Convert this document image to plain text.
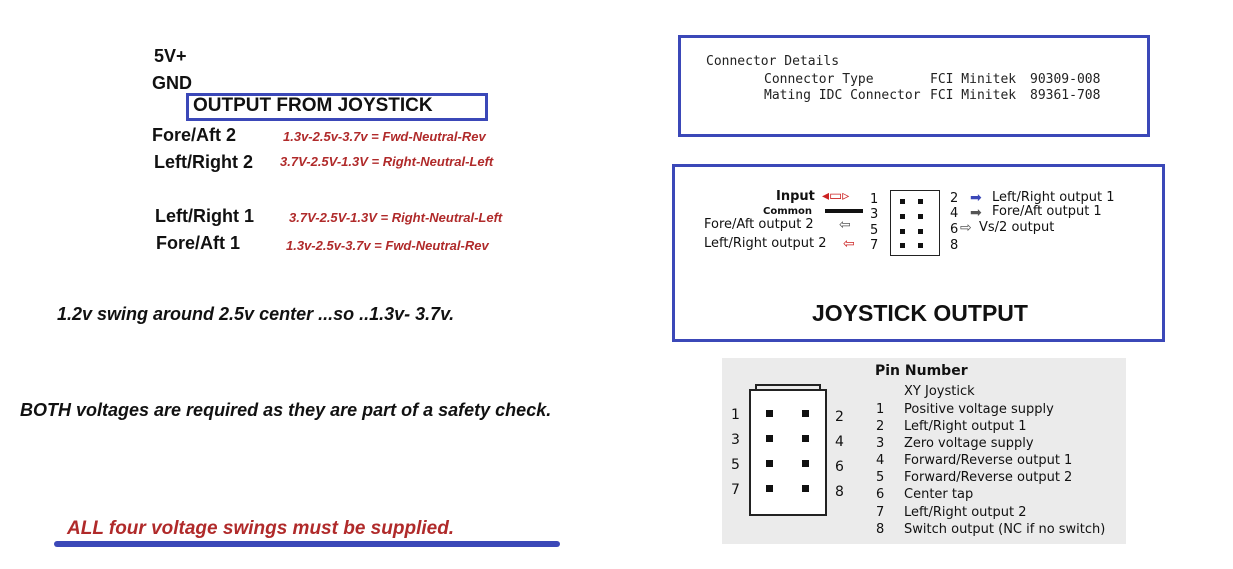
5V+
GND
OUTPUT FROM JOYSTICK
Fore/Aft 2	1.3v-2.5v-3.7v = Fwd-Neutral-Rev
Left/Right 2 3.7V-2.5V-1.3V = Right-Neutral-Left
Left/Right 1	3.7V-2.5V-1.3V = Right-Neutral-Left
Fore/Aft 1	1.3v-2.5v-3.7v = Fwd-Neutral-Rev
1.2v swing around 2.5v center ...so ..1.3v- 3.7v.
BOTH voltages are required as they are part of a safety check.
ALL four voltage swings must be supplied.
Connector Details
Connector Type	FCI Minitek 90309-008
Mating IDC Connector FCI Minitek 89361-708
Input ◂▭▹ 1
Common	3
Fore/Aft output 2 ⇦ 5
Left/Right output 2 ⇦ 7
2 ➡ Left/Right output 1
4 ➡ Fore/Aft output 1
6 ⇨ Vs/2 output
8
JOYSTICK OUTPUT
Pin Number
XY Joystick
1
3
5
7
2
4
6
8
1 Positive voltage supply
2 Left/Right output 1
3 Zero voltage supply
4 Forward/Reverse output 1
5 Forward/Reverse output 2
6 Center tap
7 Left/Right output 2
8 Switch output (NC if no switch)
